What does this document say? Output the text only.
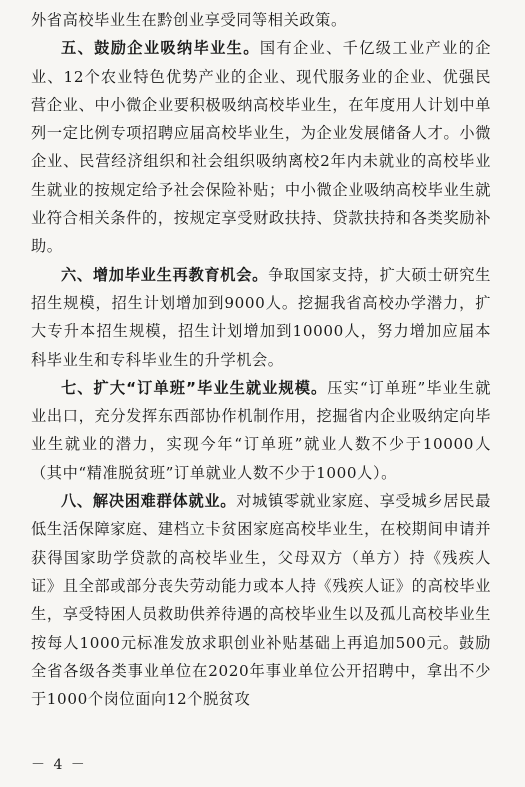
外省高校毕业生在黔创业享受同等相关政策。

五、鼓励企业吸纳毕业生。国有企业、千亿级工业产业的企业、12个农业特色优势产业的企业、现代服务业的企业、优强民营企业、中小微企业要积极吸纳高校毕业生，在年度用人计划中单列一定比例专项招聘应届高校毕业生，为企业发展储备人才。小微企业、民营经济组织和社会组织吸纳离校2年内未就业的高校毕业生就业的按规定给予社会保险补贴；中小微企业吸纳高校毕业生就业符合相关条件的，按规定享受财政扶持、贷款扶持和各类奖励补助。

六、增加毕业生再教育机会。争取国家支持，扩大硕士研究生招生规模，招生计划增加到9000人。挖掘我省高校办学潜力，扩大专升本招生规模，招生计划增加到10000人，努力增加应届本科毕业生和专科毕业生的升学机会。

七、扩大“订单班”毕业生就业规模。压实“订单班”毕业生就业出口，充分发挥东西部协作机制作用，挖掘省内企业吸纳定向毕业生就业的潜力，实现今年“订单班”就业人数不少于10000人（其中“精准脱贫班”订单就业人数不少于1000人）。

八、解决困难群体就业。对城镇零就业家庭、享受城乡居民最低生活保障家庭、建档立卡贫困家庭高校毕业生，在校期间申请并获得国家助学贷款的高校毕业生，父母双方（单方）持《残疾人证》且全部或部分丧失劳动能力或本人持《残疾人证》的高校毕业生，享受特困人员救助供养待遇的高校毕业生以及孤儿高校毕业生按每人1000元标准发放求职创业补贴基础上再追加500元。鼓励全省各级各类事业单位在2020年事业单位公开招聘中，拿出不少于1000个岗位面向12个脱贫攻

－ 4 －
